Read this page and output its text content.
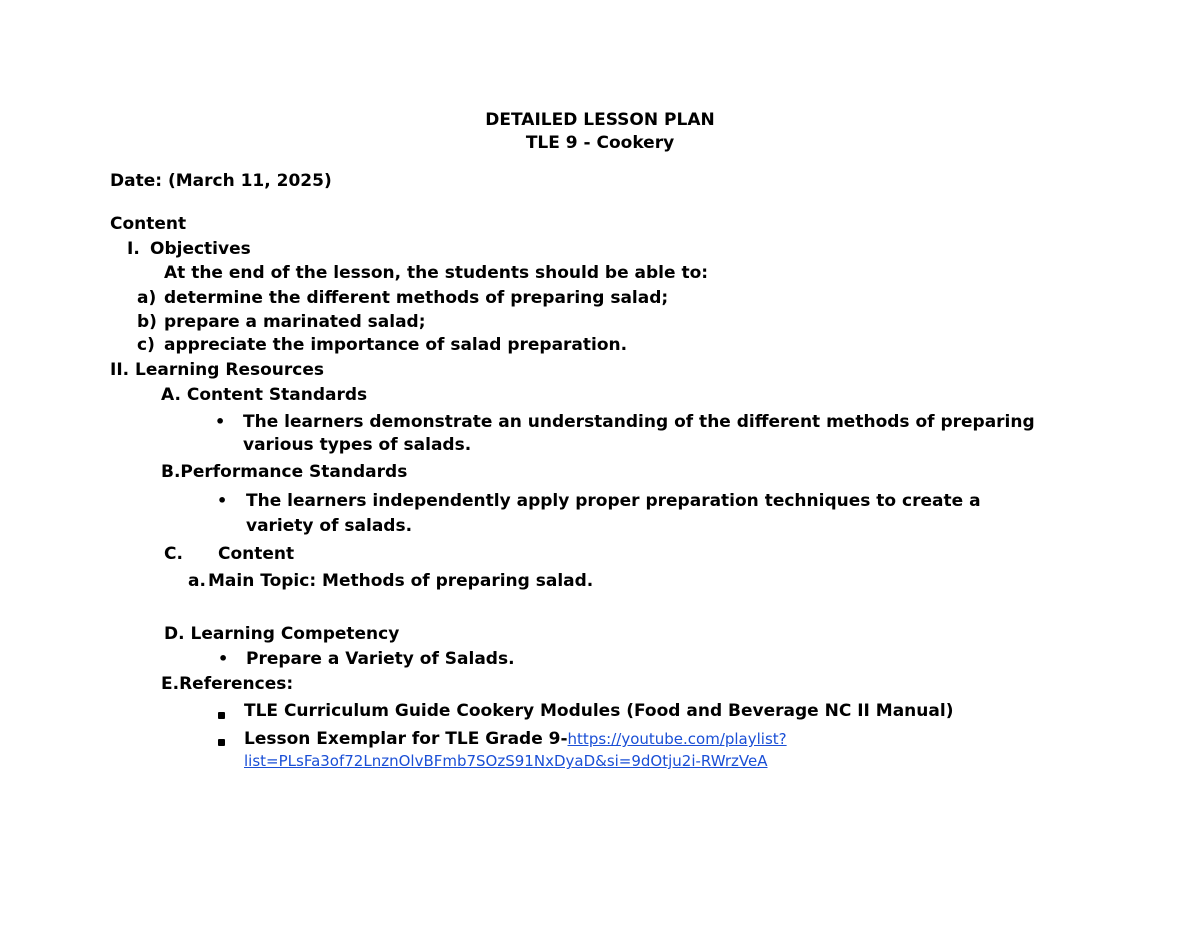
DETAILED LESSON PLAN
TLE 9 - Cookery
Date: (March 11, 2025)
Content
I. Objectives
At the end of the lesson, the students should be able to:
a) determine the different methods of preparing salad;
b) prepare a marinated salad;
c) appreciate the importance of salad preparation.
II. Learning Resources
A. Content Standards
• The learners demonstrate an understanding of the different methods of preparing
various types of salads.
B.Performance Standards
• The learners independently apply proper preparation techniques to create a
variety of salads.
C. Content
a. Main Topic: Methods of preparing salad.
D. Learning Competency
• Prepare a Variety of Salads.
E.References:
TLE Curriculum Guide Cookery Modules (Food and Beverage NC II Manual)
Lesson Exemplar for TLE Grade 9-https://youtube.com/playlist?
list=PLsFa3of72LnznOlvBFmb7SOzS91NxDyaD&si=9dOtju2i-RWrzVeA
